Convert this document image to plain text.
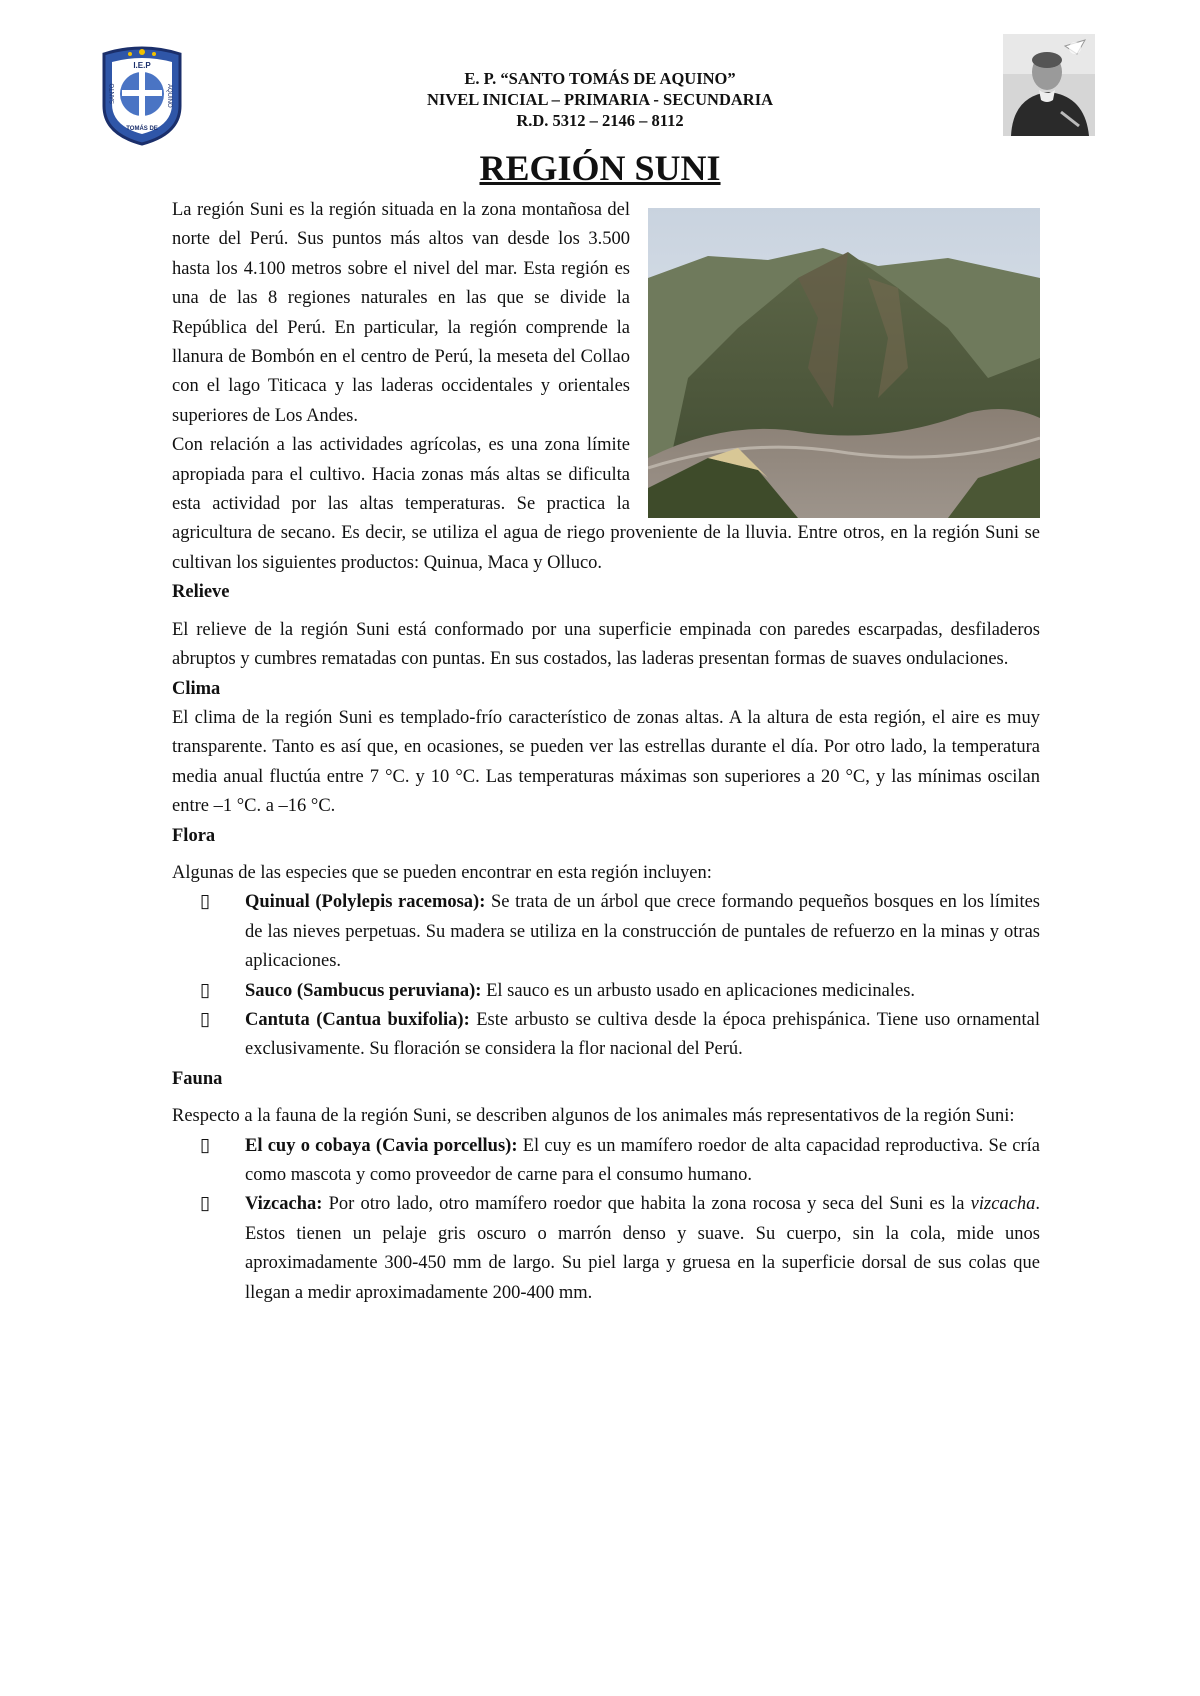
I.E.P
SANTO	AQUINO
TOMÁS DE
E. P. “SANTO TOMÁS DE AQUINO”
NIVEL INICIAL – PRIMARIA - SECUNDARIA
R.D. 5312 – 2146 – 8112
REGIÓN SUNI

La región Suni es la región situada en la zona montañosa del norte del Perú. Sus puntos más altos van desde los 3.500 hasta los 4.100 metros sobre el nivel del mar. Esta región es una de las 8 regiones naturales en las que se divide la República del Perú. En particular, la región comprende la llanura de Bombón en el centro de Perú, la meseta del Collao con el lago Titicaca y las laderas occidentales y orientales superiores de Los Andes.

Con relación a las actividades agrícolas, es una zona límite apropiada para el cultivo. Hacia zonas más altas se dificulta esta actividad por las altas temperaturas. Se practica la agricultura de secano. Es decir, se utiliza el agua de riego proveniente de la lluvia. Entre otros, en la región Suni se cultivan los siguientes productos: Quinua, Maca y Olluco.

Relieve

El relieve de la región Suni está conformado por una superficie empinada con paredes escarpadas, desfiladeros abruptos y cumbres rematadas con puntas. En sus costados, las laderas presentan formas de suaves ondulaciones.

Clima

El clima de la región Suni es templado-frío característico de zonas altas. A la altura de esta región, el aire es muy transparente. Tanto es así que, en ocasiones, se pueden ver las estrellas durante el día. Por otro lado, la temperatura media anual fluctúa entre 7 °C. y 10 °C. Las temperaturas máximas son superiores a 20 °C, y las mínimas oscilan entre –1 °C. a –16 °C.

Flora

Algunas de las especies que se pueden encontrar en esta región incluyen:

▯ Quinual (Polylepis racemosa): Se trata de un árbol que crece formando pequeños bosques en los límites de las nieves perpetuas. Su madera se utiliza en la construcción de puntales de refuerzo en la minas y otras aplicaciones.
▯ Sauco (Sambucus peruviana): El sauco es un arbusto usado en aplicaciones medicinales.
▯ Cantuta (Cantua buxifolia): Este arbusto se cultiva desde la época prehispánica. Tiene uso ornamental exclusivamente. Su floración se considera la flor nacional del Perú.
Fauna

Respecto a la fauna de la región Suni, se describen algunos de los animales más representativos de la región Suni:

▯ El cuy o cobaya (Cavia porcellus): El cuy es un mamífero roedor de alta capacidad reproductiva. Se cría como mascota y como proveedor de carne para el consumo humano.
▯ Vizcacha: Por otro lado, otro mamífero roedor que habita la zona rocosa y seca del Suni es la vizcacha. Estos tienen un pelaje gris oscuro o marrón denso y suave. Su cuerpo, sin la cola, mide unos aproximadamente 300-450 mm de largo. Su piel larga y gruesa en la superficie dorsal de sus colas que llegan a medir aproximadamente 200-400 mm.
